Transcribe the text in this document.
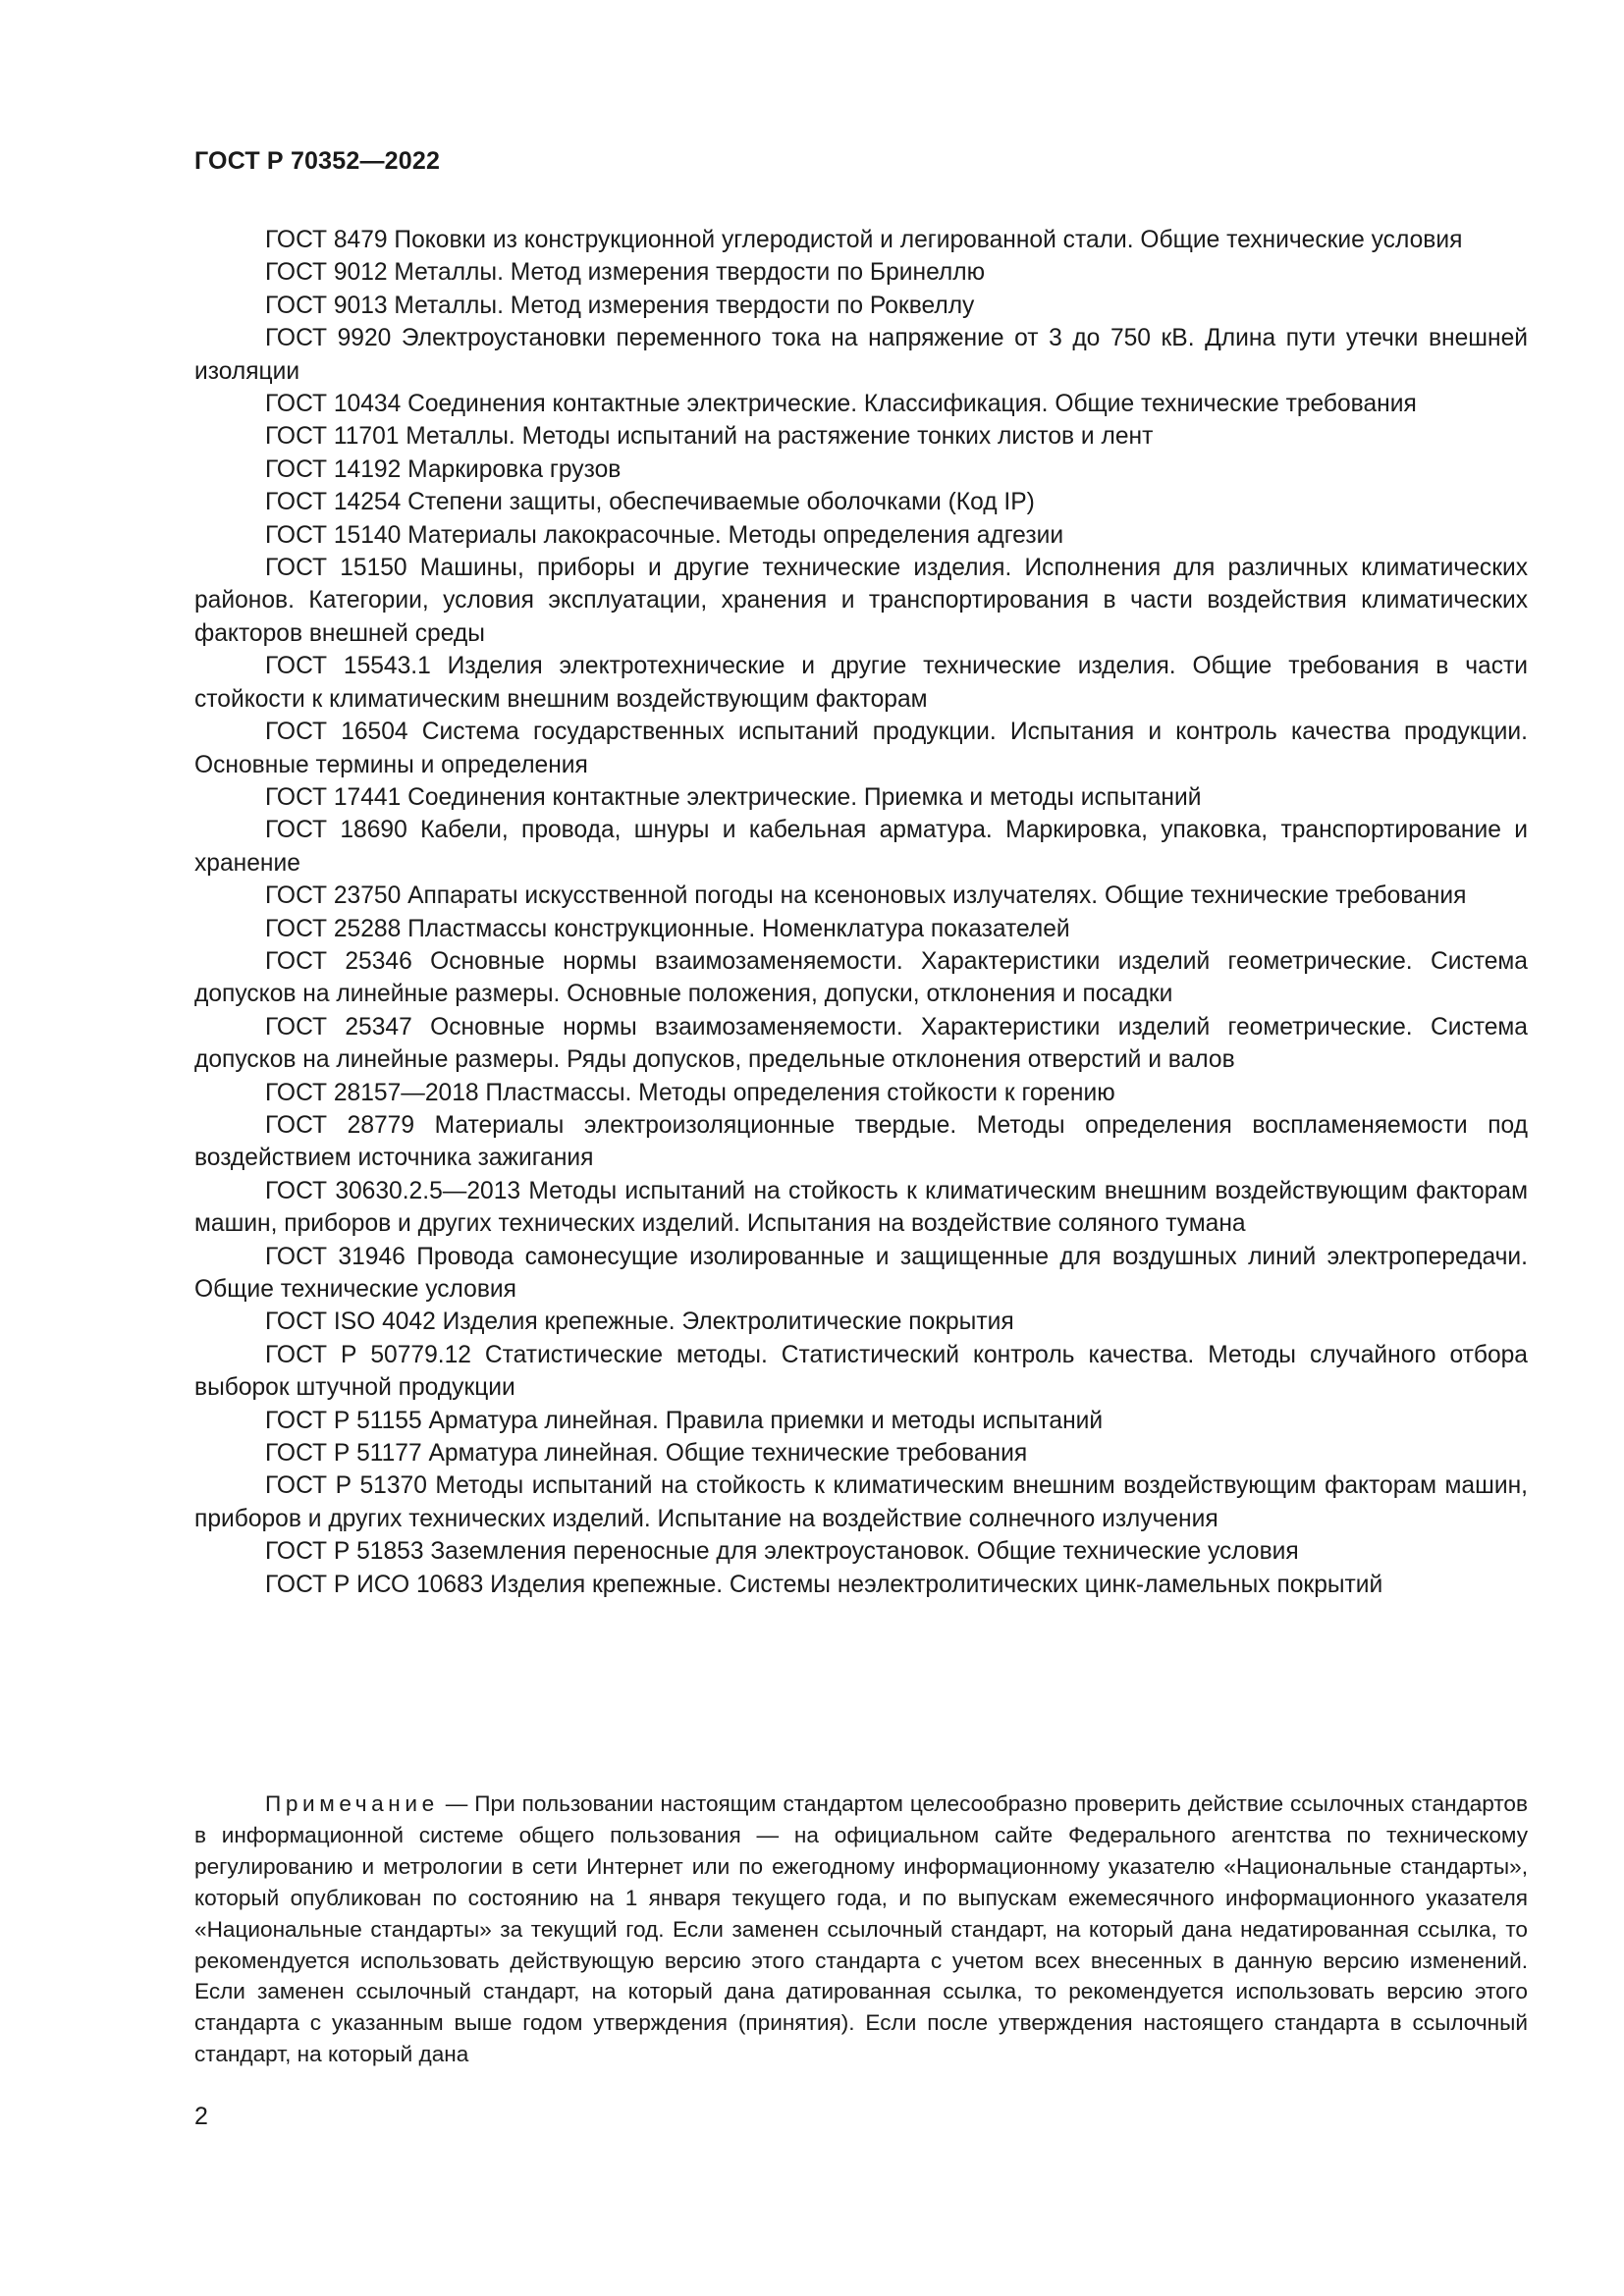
ГОСТ Р 70352—2022

ГОСТ 8479 Поковки из конструкционной углеродистой и легированной стали. Общие технические условия

ГОСТ 9012 Металлы. Метод измерения твердости по Бринеллю

ГОСТ 9013 Металлы. Метод измерения твердости по Роквеллу

ГОСТ 9920 Электроустановки переменного тока на напряжение от 3 до 750 кВ. Длина пути утечки внешней изоляции

ГОСТ 10434 Соединения контактные электрические. Классификация. Общие технические требования

ГОСТ 11701 Металлы. Методы испытаний на растяжение тонких листов и лент

ГОСТ 14192 Маркировка грузов

ГОСТ 14254 Степени защиты, обеспечиваемые оболочками (Код IP)

ГОСТ 15140 Материалы лакокрасочные. Методы определения адгезии

ГОСТ 15150 Машины, приборы и другие технические изделия. Исполнения для различных климатических районов. Категории, условия эксплуатации, хранения и транспортирования в части воздействия климатических факторов внешней среды

ГОСТ 15543.1 Изделия электротехнические и другие технические изделия. Общие требования в части стойкости к климатическим внешним воздействующим факторам

ГОСТ 16504 Система государственных испытаний продукции. Испытания и контроль качества продукции. Основные термины и определения

ГОСТ 17441 Соединения контактные электрические. Приемка и методы испытаний

ГОСТ 18690 Кабели, провода, шнуры и кабельная арматура. Маркировка, упаковка, транспортирование и хранение

ГОСТ 23750 Аппараты искусственной погоды на ксеноновых излучателях. Общие технические требования

ГОСТ 25288 Пластмассы конструкционные. Номенклатура показателей

ГОСТ 25346 Основные нормы взаимозаменяемости. Характеристики изделий геометрические. Система допусков на линейные размеры. Основные положения, допуски, отклонения и посадки

ГОСТ 25347 Основные нормы взаимозаменяемости. Характеристики изделий геометрические. Система допусков на линейные размеры. Ряды допусков, предельные отклонения отверстий и валов

ГОСТ 28157—2018 Пластмассы. Методы определения стойкости к горению

ГОСТ 28779 Материалы электроизоляционные твердые. Методы определения воспламеняемости под воздействием источника зажигания

ГОСТ 30630.2.5—2013 Методы испытаний на стойкость к климатическим внешним воздействующим факторам машин, приборов и других технических изделий. Испытания на воздействие соляного тумана

ГОСТ 31946 Провода самонесущие изолированные и защищенные для воздушных линий электропередачи. Общие технические условия

ГОСТ ISO 4042 Изделия крепежные. Электролитические покрытия

ГОСТ Р 50779.12 Статистические методы. Статистический контроль качества. Методы случайного отбора выборок штучной продукции

ГОСТ Р 51155 Арматура линейная. Правила приемки и методы испытаний

ГОСТ Р 51177 Арматура линейная. Общие технические требования

ГОСТ Р 51370 Методы испытаний на стойкость к климатическим внешним воздействующим факторам машин, приборов и других технических изделий. Испытание на воздействие солнечного излучения

ГОСТ Р 51853 Заземления переносные для электроустановок. Общие технические условия

ГОСТ Р ИСО 10683 Изделия крепежные. Системы неэлектролитических цинк-ламельных покрытий

Примечание — При пользовании настоящим стандартом целесообразно проверить действие ссылочных стандартов в информационной системе общего пользования — на официальном сайте Федерального агентства по техническому регулированию и метрологии в сети Интернет или по ежегодному информационному указателю «Национальные стандарты», который опубликован по состоянию на 1 января текущего года, и по выпускам ежемесячного информационного указателя «Национальные стандарты» за текущий год. Если заменен ссылочный стандарт, на который дана недатированная ссылка, то рекомендуется использовать действующую версию этого стандарта с учетом всех внесенных в данную версию изменений. Если заменен ссылочный стандарт, на который дана датированная ссылка, то рекомендуется использовать версию этого стандарта с указанным выше годом утверждения (принятия). Если после утверждения настоящего стандарта в ссылочный стандарт, на который дана

2
